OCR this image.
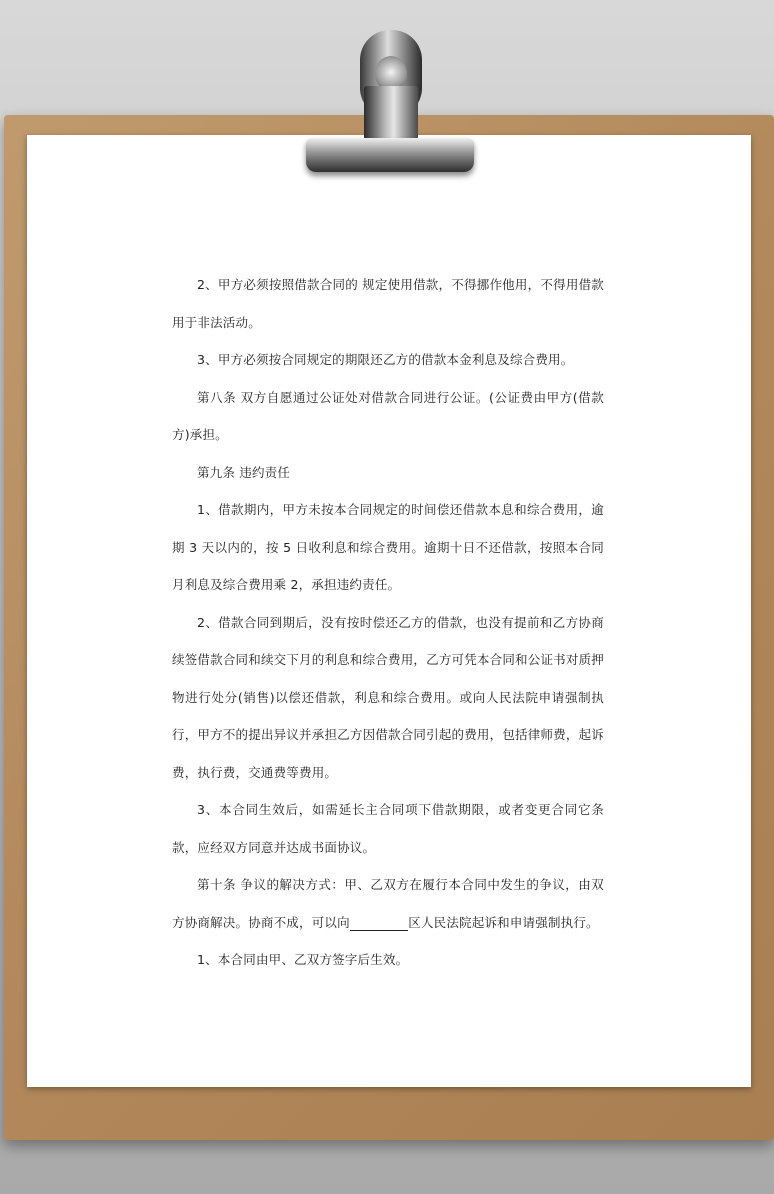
2、甲方必须按照借款合同的 规定使用借款，不得挪作他用，不得用借款用于非法活动。

3、甲方必须按合同规定的期限还乙方的借款本金利息及综合费用。

第八条 双方自愿通过公证处对借款合同进行公证。(公证费由甲方(借款方)承担。

第九条 违约责任

1、借款期内，甲方未按本合同规定的时间偿还借款本息和综合费用，逾期 3 天以内的，按 5 日收利息和综合费用。逾期十日不还借款，按照本合同月利息及综合费用乘 2，承担违约责任。

2、借款合同到期后，没有按时偿还乙方的借款，也没有提前和乙方协商续签借款合同和续交下月的利息和综合费用，乙方可凭本合同和公证书对质押物进行处分(销售)以偿还借款，利息和综合费用。或向人民法院申请强制执行，甲方不的提出异议并承担乙方因借款合同引起的费用，包括律师费，起诉费，执行费，交通费等费用。

3、本合同生效后，如需延长主合同项下借款期限，或者变更合同它条款，应经双方同意并达成书面协议。

第十条 争议的解决方式：甲、乙双方在履行本合同中发生的争议，由双方协商解决。协商不成，可以向	区人民法院起诉和申请强制执行。

1、本合同由甲、乙双方签字后生效。
